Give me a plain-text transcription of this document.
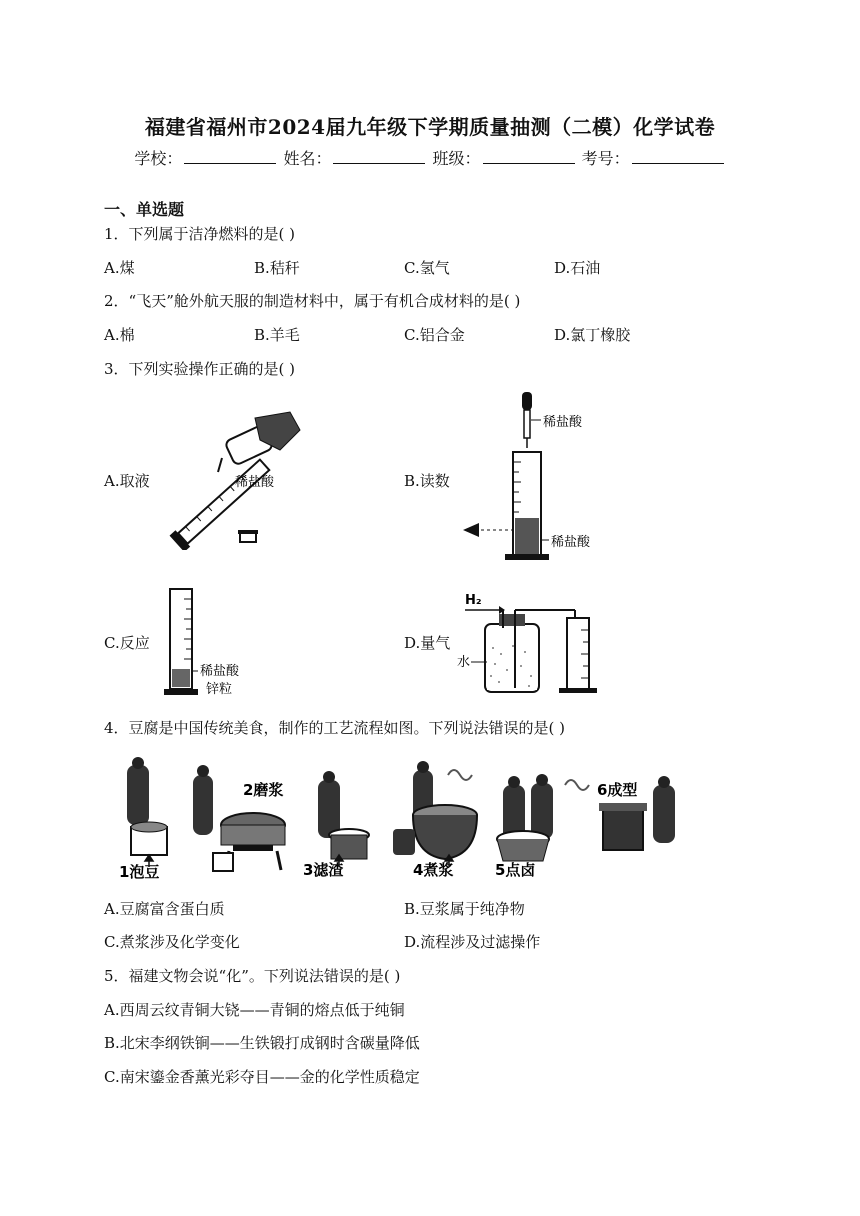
福建省福州市2024届九年级下学期质量抽测（二模）化学试卷
学校：	姓名：	班级：	考号：
一、单选题
1．下列属于洁净燃料的是( )
A.煤	B.秸秆	C.氢气	D.石油
2．“飞天”舱外航天服的制造材料中，属于有机合成材料的是( )
A.棉	B.羊毛	C.铝合金	D.氯丁橡胶
3．下列实验操作正确的是( )
A.取液	稀盐酸	B.读数
稀盐酸
稀盐酸
C.反应
稀盐酸
锌粒
D.量气
H₂
水
4．豆腐是中国传统美食，制作的工艺流程如图。下列说法错误的是( )
1泡豆
2磨浆
3滤渣	4煮浆	5点卤
6成型
A.豆腐富含蛋白质	B.豆浆属于纯净物
C.煮浆涉及化学变化	D.流程涉及过滤操作
5．福建文物会说“化”。下列说法错误的是( )
A.西周云纹青铜大铙——青铜的熔点低于纯铜
B.北宋李纲铁锏——生铁锻打成钢时含碳量降低
C.南宋鎏金香薰光彩夺目——金的化学性质稳定
